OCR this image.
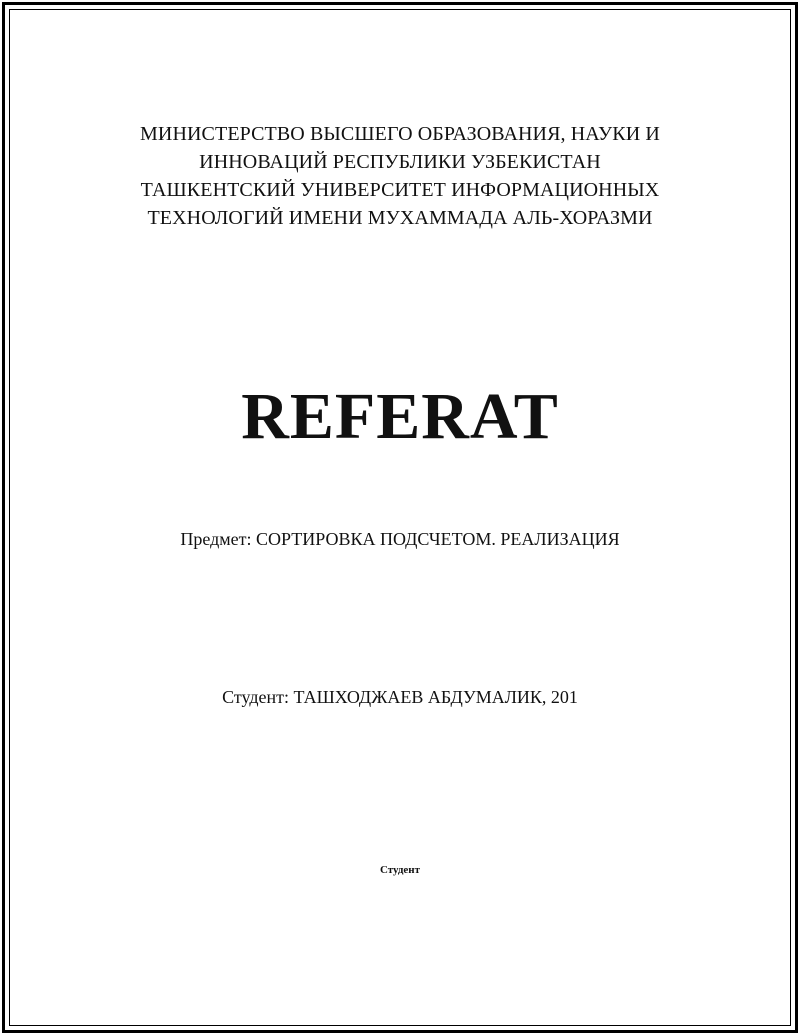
МИНИСТЕРСТВО ВЫСШЕГО ОБРАЗОВАНИЯ, НАУКИ И
ИННОВАЦИЙ РЕСПУБЛИКИ УЗБЕКИСТАН
ТАШКЕНТСКИЙ УНИВЕРСИТЕТ ИНФОРМАЦИОННЫХ
ТЕХНОЛОГИЙ ИМЕНИ МУХАММАДА АЛЬ-ХОРАЗМИ
REFERAT
Предмет: СОРТИРОВКА ПОДСЧЕТОМ. РЕАЛИЗАЦИЯ
Студент: ТАШХОДЖАЕВ АБДУМАЛИК, 201
Студент
